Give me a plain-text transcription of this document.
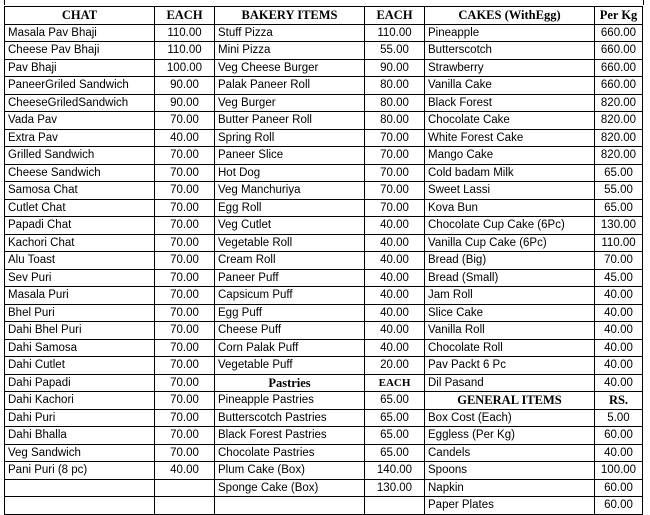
CHAT	EACH	BAKERY ITEMS	EACH	CAKES (WithEgg)	Per Kg
Masala Pav Bhaji	110.00	Stuff Pizza	110.00	Pineapple	660.00
Cheese Pav Bhaji	110.00	Mini Pizza	55.00	Butterscotch	660.00
Pav Bhaji	100.00	Veg Cheese Burger	90.00	Strawberry	660.00
PaneerGriled Sandwich	90.00	Palak Paneer Roll	80.00	Vanilla Cake	660.00
CheeseGriledSandwich	90.00	Veg Burger	80.00	Black Forest	820.00
Vada Pav	70.00	Butter Paneer Roll	80.00	Chocolate Cake	820.00
Extra Pav	40.00	Spring Roll	70.00	White Forest Cake	820.00
Grilled Sandwich	70.00	Paneer Slice	70.00	Mango Cake	820.00
Cheese Sandwich	70.00	Hot Dog	70.00	Cold badam Milk	65.00
Samosa Chat	70.00	Veg Manchuriya	70.00	Sweet Lassi	55.00
Cutlet Chat	70.00	Egg Roll	70.00	Kova Bun	65.00
Papadi Chat	70.00	Veg Cutlet	40.00	Chocolate Cup Cake (6Pc)	130.00
Kachori Chat	70.00	Vegetable Roll	40.00	Vanilla Cup Cake (6Pc)	110.00
Alu Toast	70.00	Cream Roll	40.00	Bread (Big)	70.00
Sev Puri	70.00	Paneer Puff	40.00	Bread (Small)	45.00
Masala Puri	70.00	Capsicum Puff	40.00	Jam Roll	40.00
Bhel Puri	70.00	Egg Puff	40.00	Slice Cake	40.00
Dahi Bhel Puri	70.00	Cheese Puff	40.00	Vanilla Roll	40.00
Dahi Samosa	70.00	Corn Palak Puff	40.00	Chocolate Roll	40.00
Dahi Cutlet	70.00	Vegetable Puff	20.00	Pav Packt 6 Pc	40.00
Dahi Papadi	70.00	Pastries	EACH	Dil Pasand	40.00
Dahi Kachori	70.00	Pineapple Pastries	65.00	GENERAL ITEMS	RS.
Dahi Puri	70.00	Butterscotch Pastries	65.00	Box Cost (Each)	5.00
Dahi Bhalla	70.00	Black Forest Pastries	65.00	Eggless (Per Kg)	60.00
Veg Sandwich	70.00	Chocolate Pastries	65.00	Candels	40.00
Pani Puri (8 pc)	40.00	Plum Cake (Box)	140.00	Spoons	100.00
		Sponge Cake (Box)	130.00	Napkin	60.00
				Paper Plates	60.00
